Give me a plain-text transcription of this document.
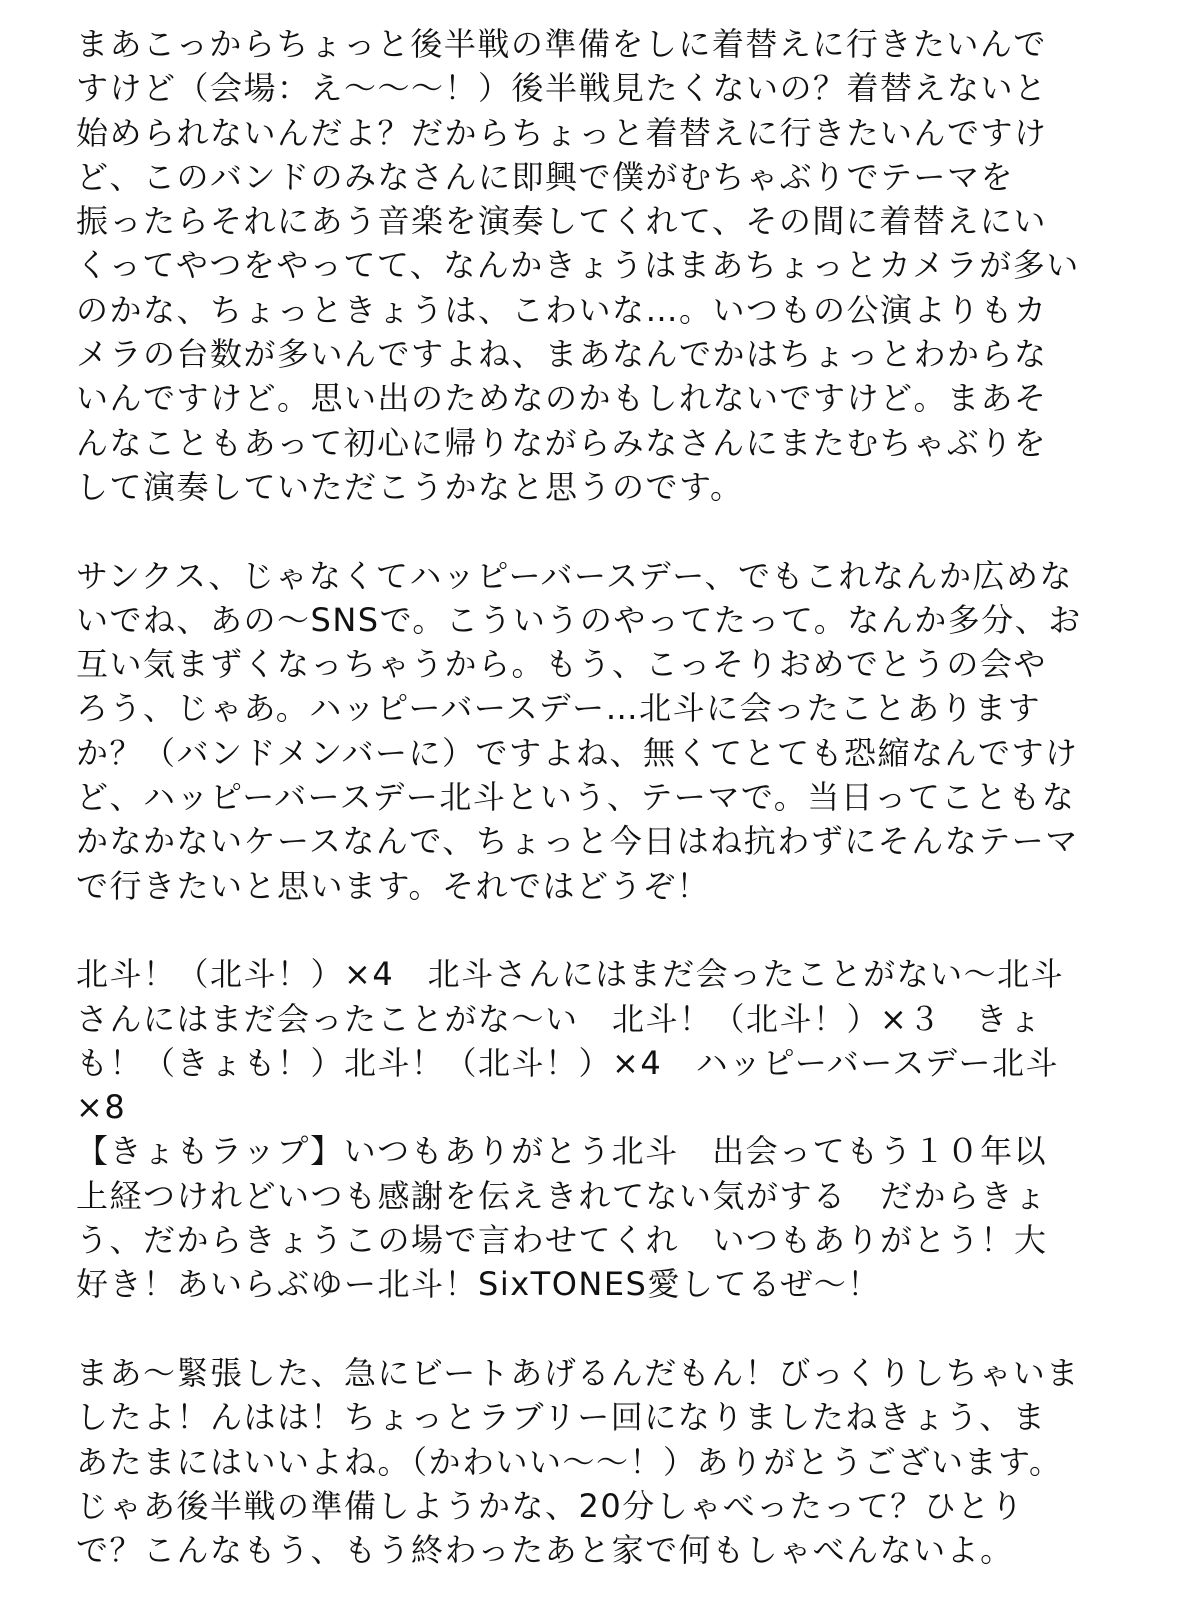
まあこっからちょっと後半戦の準備をしに着替えに行きたいんで
すけど（会場：え〜〜〜！）後半戦見たくないの？着替えないと
始められないんだよ？だからちょっと着替えに行きたいんですけ
ど、このバンドのみなさんに即興で僕がむちゃぶりでテーマを
振ったらそれにあう音楽を演奏してくれて、その間に着替えにい
くってやつをやってて、なんかきょうはまあちょっとカメラが多い
のかな、ちょっときょうは、こわいな…。いつもの公演よりもカ
メラの台数が多いんですよね、まあなんでかはちょっとわからな
いんですけど。思い出のためなのかもしれないですけど。まあそ
んなこともあって初心に帰りながらみなさんにまたむちゃぶりを
して演奏していただこうかなと思うのです。
サンクス、じゃなくてハッピーバースデー、でもこれなんか広めな
いでね、あの〜SNSで。こういうのやってたって。なんか多分、お
互い気まずくなっちゃうから。もう、こっそりおめでとうの会や
ろう、じゃあ。ハッピーバースデー…北斗に会ったことあります
か？（バンドメンバーに）ですよね、無くてとても恐縮なんですけ
ど、ハッピーバースデー北斗という、テーマで。当日ってこともな
かなかないケースなんで、ちょっと今日はね抗わずにそんなテーマ
で行きたいと思います。それではどうぞ！
北斗！（北斗！）×4　北斗さんにはまだ会ったことがない〜北斗
さんにはまだ会ったことがな〜い　北斗！（北斗！）×３　きょ
も！（きょも！）北斗！（北斗！）×4　ハッピーバースデー北斗
×8
【きょもラップ】いつもありがとう北斗　出会ってもう１０年以
上経つけれどいつも感謝を伝えきれてない気がする　だからきょ
う、だからきょうこの場で言わせてくれ　いつもありがとう！大
好き！あいらぶゆー北斗！SixTONES愛してるぜ〜！
まあ〜緊張した、急にビートあげるんだもん！びっくりしちゃいま
したよ！んはは！ちょっとラブリー回になりましたねきょう、ま
あたまにはいいよね。（かわいい〜〜！）ありがとうございます。
じゃあ後半戦の準備しようかな、20分しゃべったって？ひとり
で？こんなもう、もう終わったあと家で何もしゃべんないよ。
